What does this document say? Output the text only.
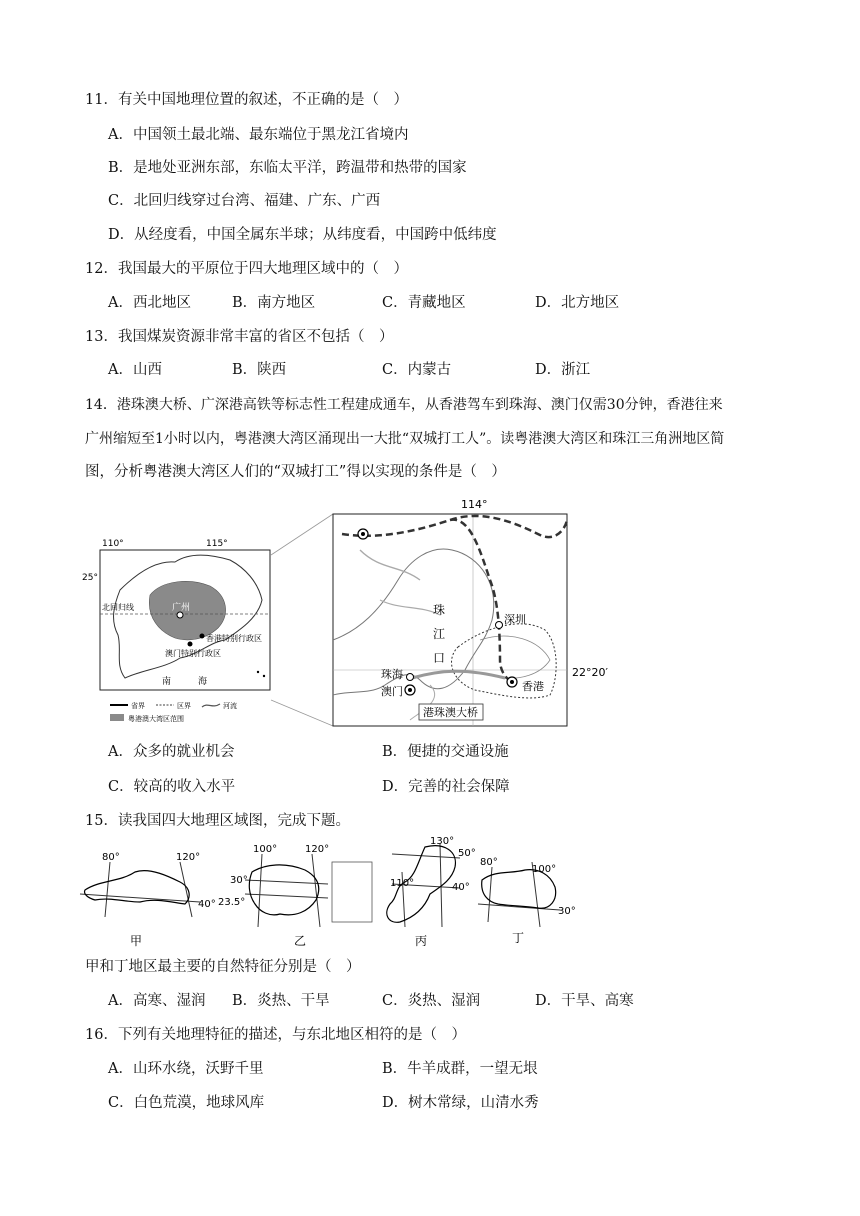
11．有关中国地理位置的叙述，不正确的是（　）
A．中国领土最北端、最东端位于黑龙江省境内
B．是地处亚洲东部，东临太平洋，跨温带和热带的国家
C．北回归线穿过台湾、福建、广东、广西
D．从经度看，中国全属东半球；从纬度看，中国跨中低纬度
12．我国最大的平原位于四大地理区域中的（　）
A．西北地区	B．南方地区	C．青藏地区	D．北方地区
13．我国煤炭资源非常丰富的省区不包括（　）
A．山西	B．陕西	C．内蒙古	D．浙江
14．港珠澳大桥、广深港高铁等标志性工程建成通车，从香港驾车到珠海、澳门仅需30分钟，香港往来
广州缩短至1小时以内，粤港澳大湾区涌现出一大批“双城打工人”。读粤港澳大湾区和珠江三角洲地区简
图，分析粤港澳大湾区人们的“双城打工”得以实现的条件是（　）
110°	115°
25°
北回归线	广州
香港特别行政区
澳门特别行政区
南	海
省界	区界	河流
粤港澳大湾区范围
114°
22°20′
深圳
珠海
澳门	香港
珠
江
口
港珠澳大桥
A．众多的就业机会	B．便捷的交通设施
C．较高的收入水平	D．完善的社会保障
15．读我国四大地理区域图，完成下题。
80°	120°
40°
甲
100°	120°
30°
23.5°
乙
130°
50°
110°	40°
丙
80°
100°
30°
丁
甲和丁地区最主要的自然特征分别是（　）
A．高寒、湿润 B．炎热、干旱	C．炎热、湿润	D．干旱、高寒
16．下列有关地理特征的描述，与东北地区相符的是（　）
A．山环水绕，沃野千里	B．牛羊成群，一望无垠
C．白色荒漠，地球风库	D．树木常绿，山清水秀
